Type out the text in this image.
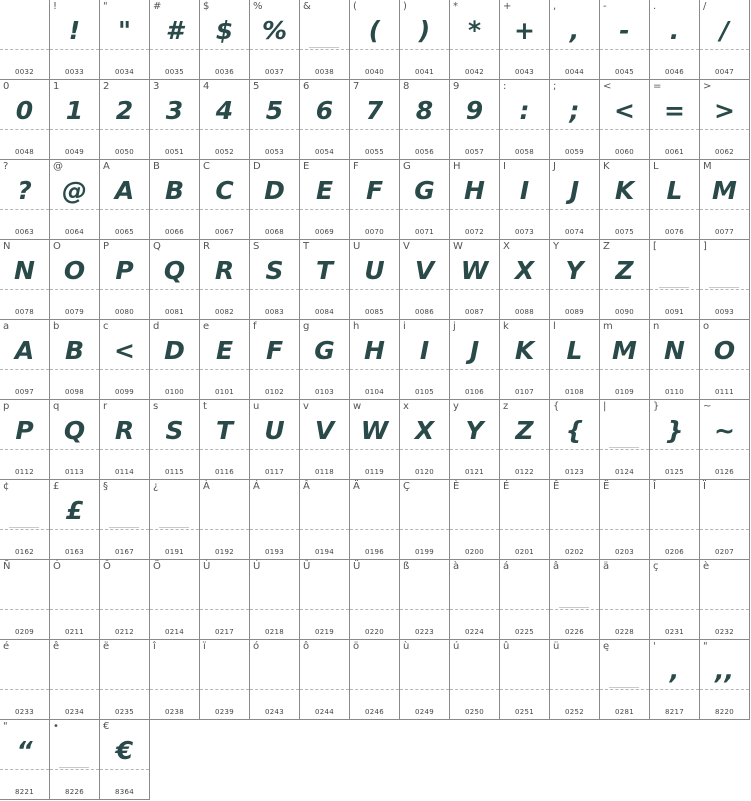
0032
!
!
0033
"
"
0034
#
#
0035
$
$
0036
%
%
0037
&
0038
(
(
0040
)
)
0041
*
*
0042
+
+
0043
,
,
0044
-
-
0045
.
.
0046
/
/
0047
0
0
0048
1
1
0049
2
2
0050
3
3
0051
4
4
0052
5
5
0053
6
6
0054
7
7
0055
8
8
0056
9
9
0057
:
:
0058
;
;
0059
<
<
0060
=
=
0061
>
>
0062
?
?
0063
@
@
0064
A
A
0065
B
B
0066
C
C
0067
D
D
0068
E
E
0069
F
F
0070
G
G
0071
H
H
0072
I
I
0073
J
J
0074
K
K
0075
L
L
0076
M
M
0077
N
N
0078
O
O
0079
P
P
0080
Q
Q
0081
R
R
0082
S
S
0083
T
T
0084
U
U
0085
V
V
0086
W
W
0087
X
X
0088
Y
Y
0089
Z
Z
0090
[
0091
]
0093
a
A
0097
b
B
0098
c
<
0099
d
D
0100
e
E
0101
f
F
0102
g
G
0103
h
H
0104
i
I
0105
j
J
0106
k
K
0107
l
L
0108
m
M
0109
n
N
0110
o
O
0111
p
P
0112
q
Q
0113
r
R
0114
s
S
0115
t
T
0116
u
U
0117
v
V
0118
w
W
0119
x
X
0120
y
Y
0121
z
Z
0122
{
{
0123
|
0124
}
}
0125
~
~
0126
¢
0162
£
£
0163
§
0167
¿
0191
À
0192
Á
0193
Â
0194
Ä
0196
Ç
0199
È
0200
É
0201
Ê
0202
Ë
0203
Î
0206
Ï
0207
Ñ
0209
Ó
0211
Ô
0212
Ö
0214
Ù
0217
Ú
0218
Û
0219
Ü
0220
ß
0223
à
0224
á
0225
â
0226
ä
0228
ç
0231
è
0232
é
0233
ê
0234
ë
0235
î
0238
ï
0239
ó
0243
ô
0244
ö
0246
ù
0249
ú
0250
û
0251
ü
0252
ę
0281
'
,
8217
"
,,
8220
"
“
8221
•
8226
€
€
8364
